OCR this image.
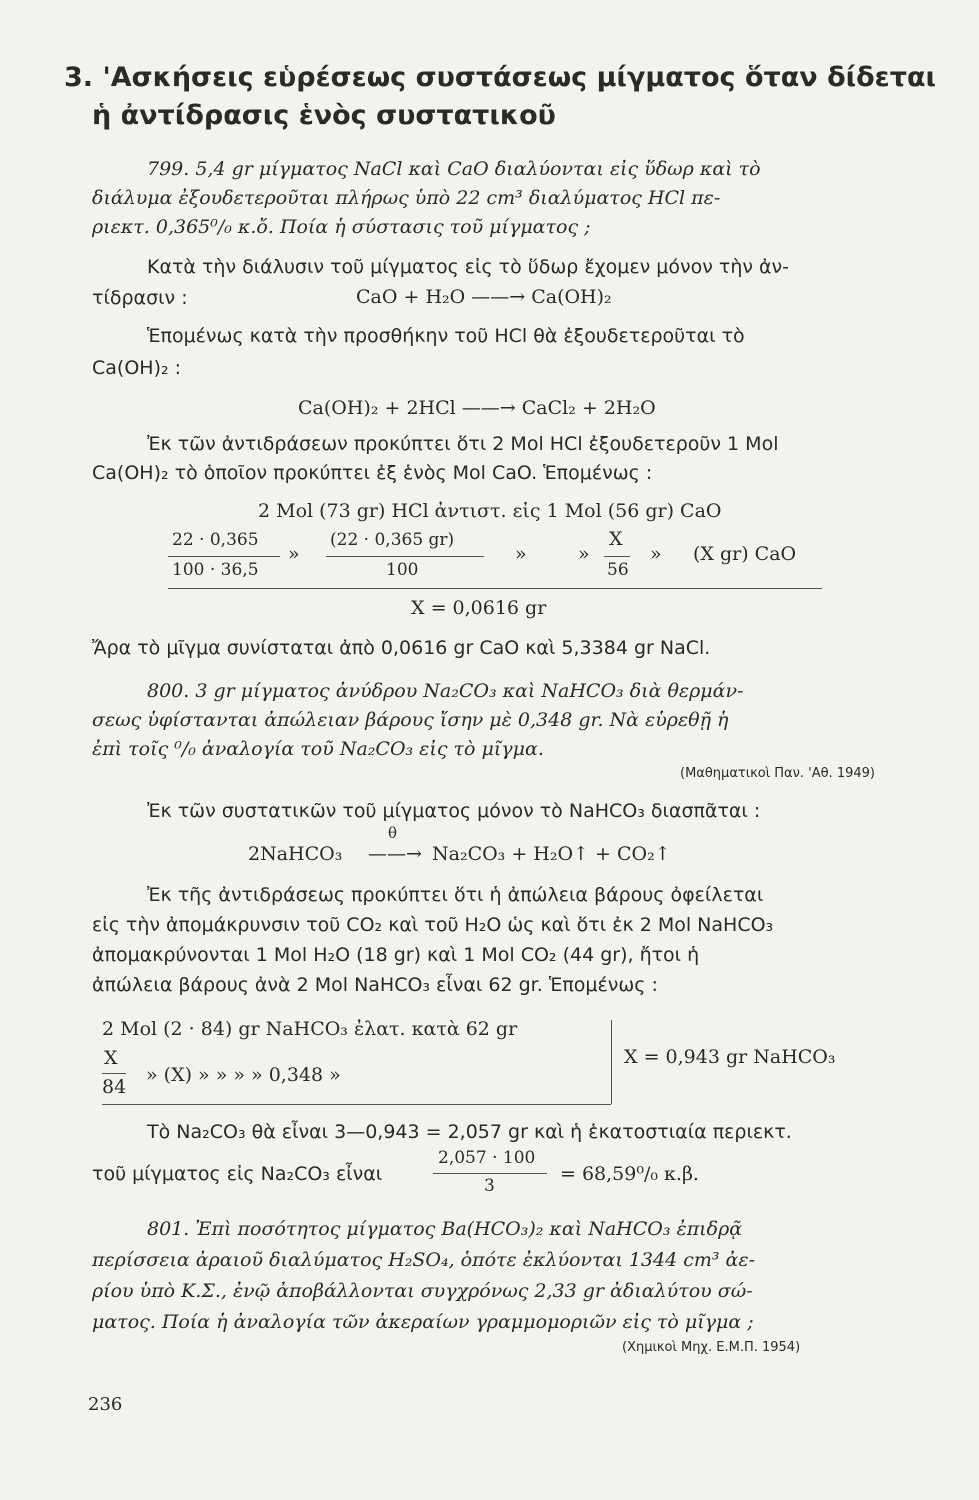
3. 'Ασκήσεις εὑρέσεως συστάσεως μίγματος ὅταν δίδεται
ἡ ἀντίδρασις ἑνὸς συστατικοῦ
799. 5,4 gr μίγματος NaCl καὶ CaO διαλύονται εἰς ὕδωρ καὶ τὸ
διάλυμα ἐξουδετεροῦται πλήρως ὑπὸ 22 cm³ διαλύματος HCl πε-
ριεκτ. 0,365⁰/₀ κ.ὄ. Ποία ἡ σύστασις τοῦ μίγματος ;
Κατὰ τὴν διάλυσιν τοῦ μίγματος εἰς τὸ ὕδωρ ἔχομεν μόνον τὴν ἀν-
τίδρασιν :	CaO + H₂O ——→ Ca(OH)₂
Ἑπομένως κατὰ τὴν προσθήκην τοῦ HCl θὰ ἐξουδετεροῦται τὸ
Ca(OH)₂ :
Ca(OH)₂ + 2HCl ——→ CaCl₂ + 2H₂O
Ἐκ τῶν ἀντιδράσεων προκύπτει ὅτι 2 Mol HCl ἐξουδετεροῦν 1 Mol
Ca(OH)₂ τὸ ὁποῖον προκύπτει ἐξ ἑνὸς Mol CaO. Ἑπομένως :
2 Mol (73 gr) HCl ἀντιστ. εἰς 1 Mol (56 gr) CaO
22 · 0,365
100 · 36,5
»
(22 · 0,365 gr)
100
»	»
X
56
» (X gr) CaO
X = 0,0616 gr
Ἄρα τὸ μῖγμα συνίσταται ἀπὸ 0,0616 gr CaO καὶ 5,3384 gr NaCl.
800. 3 gr μίγματος ἀνύδρου Na₂CO₃ καὶ NaHCO₃ διὰ θερμάν-
σεως ὑφίστανται ἀπώλειαν βάρους ἴσην μὲ 0,348 gr. Νὰ εὑρεθῇ ἡ
ἐπὶ τοῖς ⁰/₀ ἀναλογία τοῦ Na₂CO₃ εἰς τὸ μῖγμα.
(Μαθηματικοὶ Παν. 'Αθ. 1949)
Ἐκ τῶν συστατικῶν τοῦ μίγματος μόνον τὸ NaHCO₃ διασπᾶται :
2NaHCO₃
θ
——→ Na₂CO₃ + H₂O↑ + CO₂↑
Ἐκ τῆς ἀντιδράσεως προκύπτει ὅτι ἡ ἀπώλεια βάρους ὀφείλεται
εἰς τὴν ἀπομάκρυνσιν τοῦ CO₂ καὶ τοῦ H₂O ὡς καὶ ὅτι ἐκ 2 Mol NaHCO₃
ἀπομακρύνονται 1 Mol H₂O (18 gr) καὶ 1 Mol CO₂ (44 gr), ἤτοι ἡ
ἀπώλεια βάρους ἀνὰ 2 Mol NaHCO₃ εἶναι 62 gr. Ἑπομένως :
2 Mol (2 · 84) gr NaHCO₃ ἐλατ. κατὰ 62 gr
X
84
» (X) » » » » 0,348 »
X = 0,943 gr NaHCO₃
Τὸ Na₂CO₃ θὰ εἶναι 3—0,943 = 2,057 gr καὶ ἡ ἑκατοστιαία περιεκτ.
τοῦ μίγματος εἰς Na₂CO₃ εἶναι
2,057 · 100
3
= 68,59⁰/₀ κ.β.
801. Ἐπὶ ποσότητος μίγματος Ba(HCO₃)₂ καὶ NaHCO₃ ἐπιδρᾷ
περίσσεια ἀραιοῦ διαλύματος H₂SO₄, ὁπότε ἐκλύονται 1344 cm³ ἀε-
ρίου ὑπὸ Κ.Σ., ἐνῷ ἀποβάλλονται συγχρόνως 2,33 gr ἀδιαλύτου σώ-
ματος. Ποία ἡ ἀναλογία τῶν ἀκεραίων γραμμομοριῶν εἰς τὸ μῖγμα ;
(Χημικοὶ Μηχ. Ε.Μ.Π. 1954)
236
